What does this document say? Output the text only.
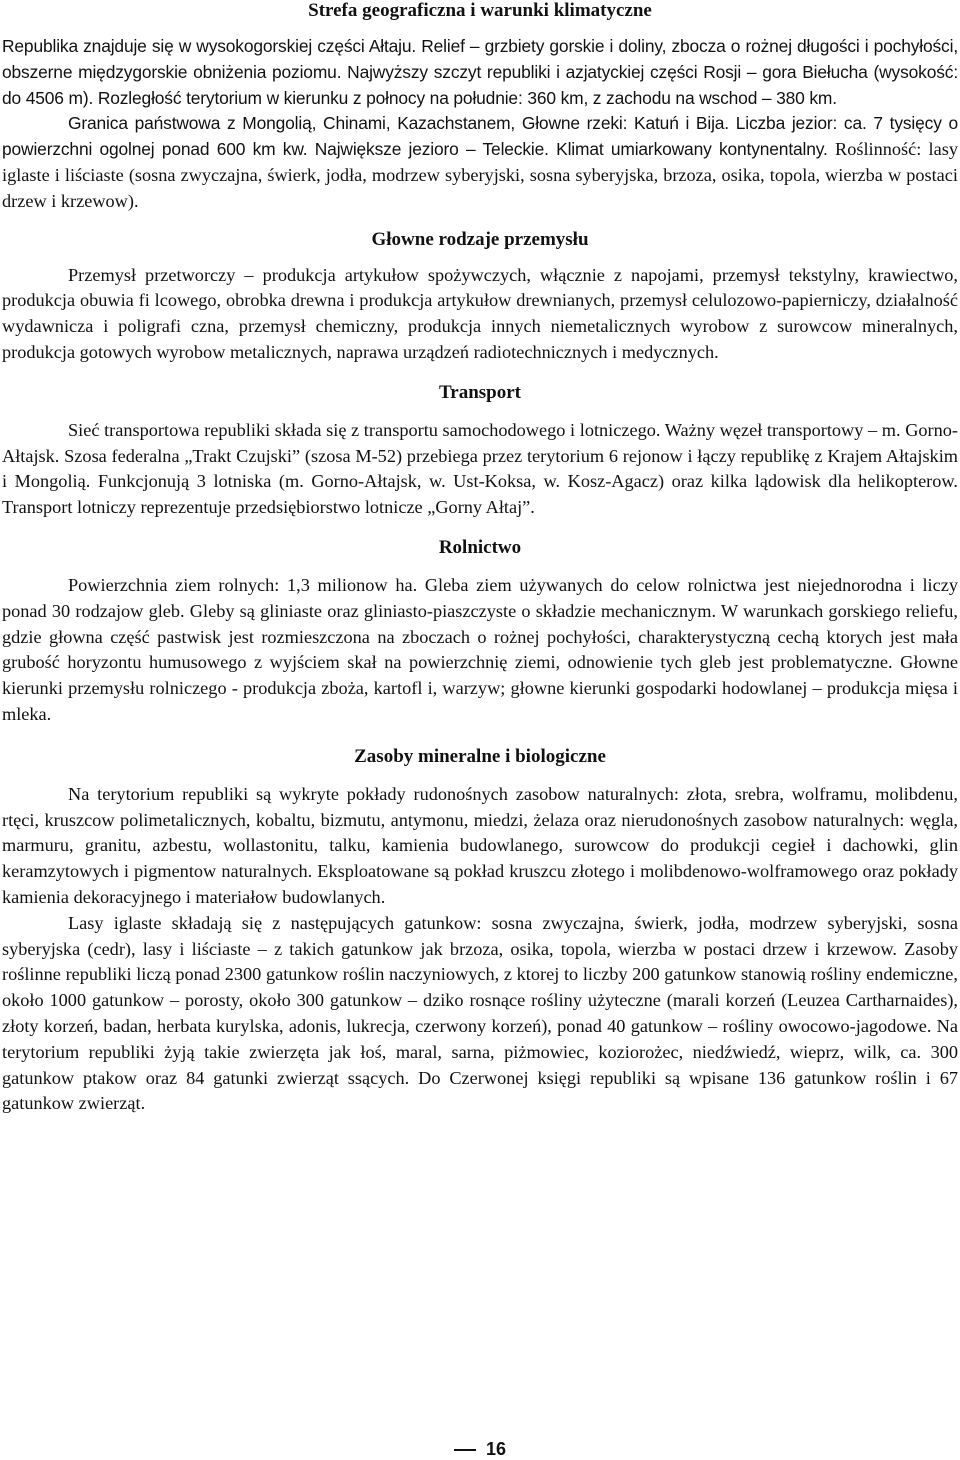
Strefa geograficzna i warunki klimatyczne

Republika znajduje się w wysokogorskiej części Ałtaju. Relief – grzbiety gorskie i doliny, zbocza o rożnej długości i pochyłości, obszerne międzygorskie obniżenia poziomu. Najwyższy szczyt republiki i azjatyckiej części Rosji – gora Biełucha (wysokość: do 4506 m). Rozległość terytorium w kierunku z połnocy na południe: 360 km, z zachodu na wschod – 380 km.

Granica państwowa z Mongolią, Chinami, Kazachstanem, Głowne rzeki: Katuń i Bija. Liczba jezior: ca. 7 tysięcy o powierzchni ogolnej ponad 600 km kw. Największe jezioro – Teleckie. Klimat umiarkowany kontynentalny. Roślinność: lasy iglaste i liściaste (sosna zwyczajna, świerk, jodła, modrzew syberyjski, sosna syberyjska, brzoza, osika, topola, wierzba w postaci drzew i krzewow).

Głowne rodzaje przemysłu

Przemysł przetworczy – produkcja artykułow spożywczych, włącznie z napojami, przemysł tekstylny, krawiectwo, produkcja obuwia fi lcowego, obrobka drewna i produkcja artykułow drewnianych, przemysł celulozowo-papierniczy, działalność wydawnicza i poligrafi czna, przemysł chemiczny, produkcja innych niemetalicznych wyrobow z surowcow mineralnych, produkcja gotowych wyrobow metalicznych, naprawa urządzeń radiotechnicznych i medycznych.

Transport

Sieć transportowa republiki składa się z transportu samochodowego i lotniczego. Ważny węzeł transportowy – m. Gorno-Ałtajsk. Szosa federalna „Trakt Czujski” (szosa M-52) przebiega przez terytorium 6 rejonow i łączy republikę z Krajem Ałtajskim i Mongolią. Funkcjonują 3 lotniska (m. Gorno-Ałtajsk, w. Ust-Koksa, w. Kosz-Agacz) oraz kilka lądowisk dla helikopterow. Transport lotniczy reprezentuje przedsiębiorstwo lotnicze „Gorny Ałtaj”.

Rolnictwo

Powierzchnia ziem rolnych: 1,3 milionow ha. Gleba ziem używanych do celow rolnictwa jest niejednorodna i liczy ponad 30 rodzajow gleb. Gleby są gliniaste oraz gliniasto-piaszczyste o składzie mechanicznym. W warunkach gorskiego reliefu, gdzie głowna część pastwisk jest rozmieszczona na zboczach o rożnej pochyłości, charakterystyczną cechą ktorych jest mała grubość horyzontu humusowego z wyjściem skał na powierzchnię ziemi, odnowienie tych gleb jest problematyczne. Głowne kierunki przemysłu rolniczego - produkcja zboża, kartofl i, warzyw; głowne kierunki gospodarki hodowlanej – produkcja mięsa i mleka.

Zasoby mineralne i biologiczne

Na terytorium republiki są wykryte pokłady rudonośnych zasobow naturalnych: złota, srebra, wolframu, molibdenu, rtęci, kruszcow polimetalicznych, kobaltu, bizmutu, antymonu, miedzi, żelaza oraz nierudonośnych zasobow naturalnych: węgla, marmuru, granitu, azbestu, wollastonitu, talku, kamienia budowlanego, surowcow do produkcji cegieł i dachowki, glin keramzytowych i pigmentow naturalnych. Eksploatowane są pokład kruszcu złotego i molibdenowo-wolframowego oraz pokłady kamienia dekoracyjnego i materiałow budowlanych.

Lasy iglaste składają się z następujących gatunkow: sosna zwyczajna, świerk, jodła, modrzew syberyjski, sosna syberyjska (cedr), lasy i liściaste – z takich gatunkow jak brzoza, osika, topola, wierzba w postaci drzew i krzewow. Zasoby roślinne republiki liczą ponad 2300 gatunkow roślin naczyniowych, z ktorej to liczby 200 gatunkow stanowią rośliny endemiczne, około 1000 gatunkow – porosty, około 300 gatunkow – dziko rosnące rośliny użyteczne (marali korzeń (Leuzea Cartharnaides), złoty korzeń, badan, herbata kurylska, adonis, lukrecja, czerwony korzeń), ponad 40 gatunkow – rośliny owocowo-jagodowe. Na terytorium republiki żyją takie zwierzęta jak łoś, maral, sarna, piżmowiec, koziorożec, niedźwiedź, wieprz, wilk, ca. 300 gatunkow ptakow oraz 84 gatunki zwierząt ssących. Do Czerwonej księgi republiki są wpisane 136 gatunkow roślin i 67 gatunkow zwierząt.

16
